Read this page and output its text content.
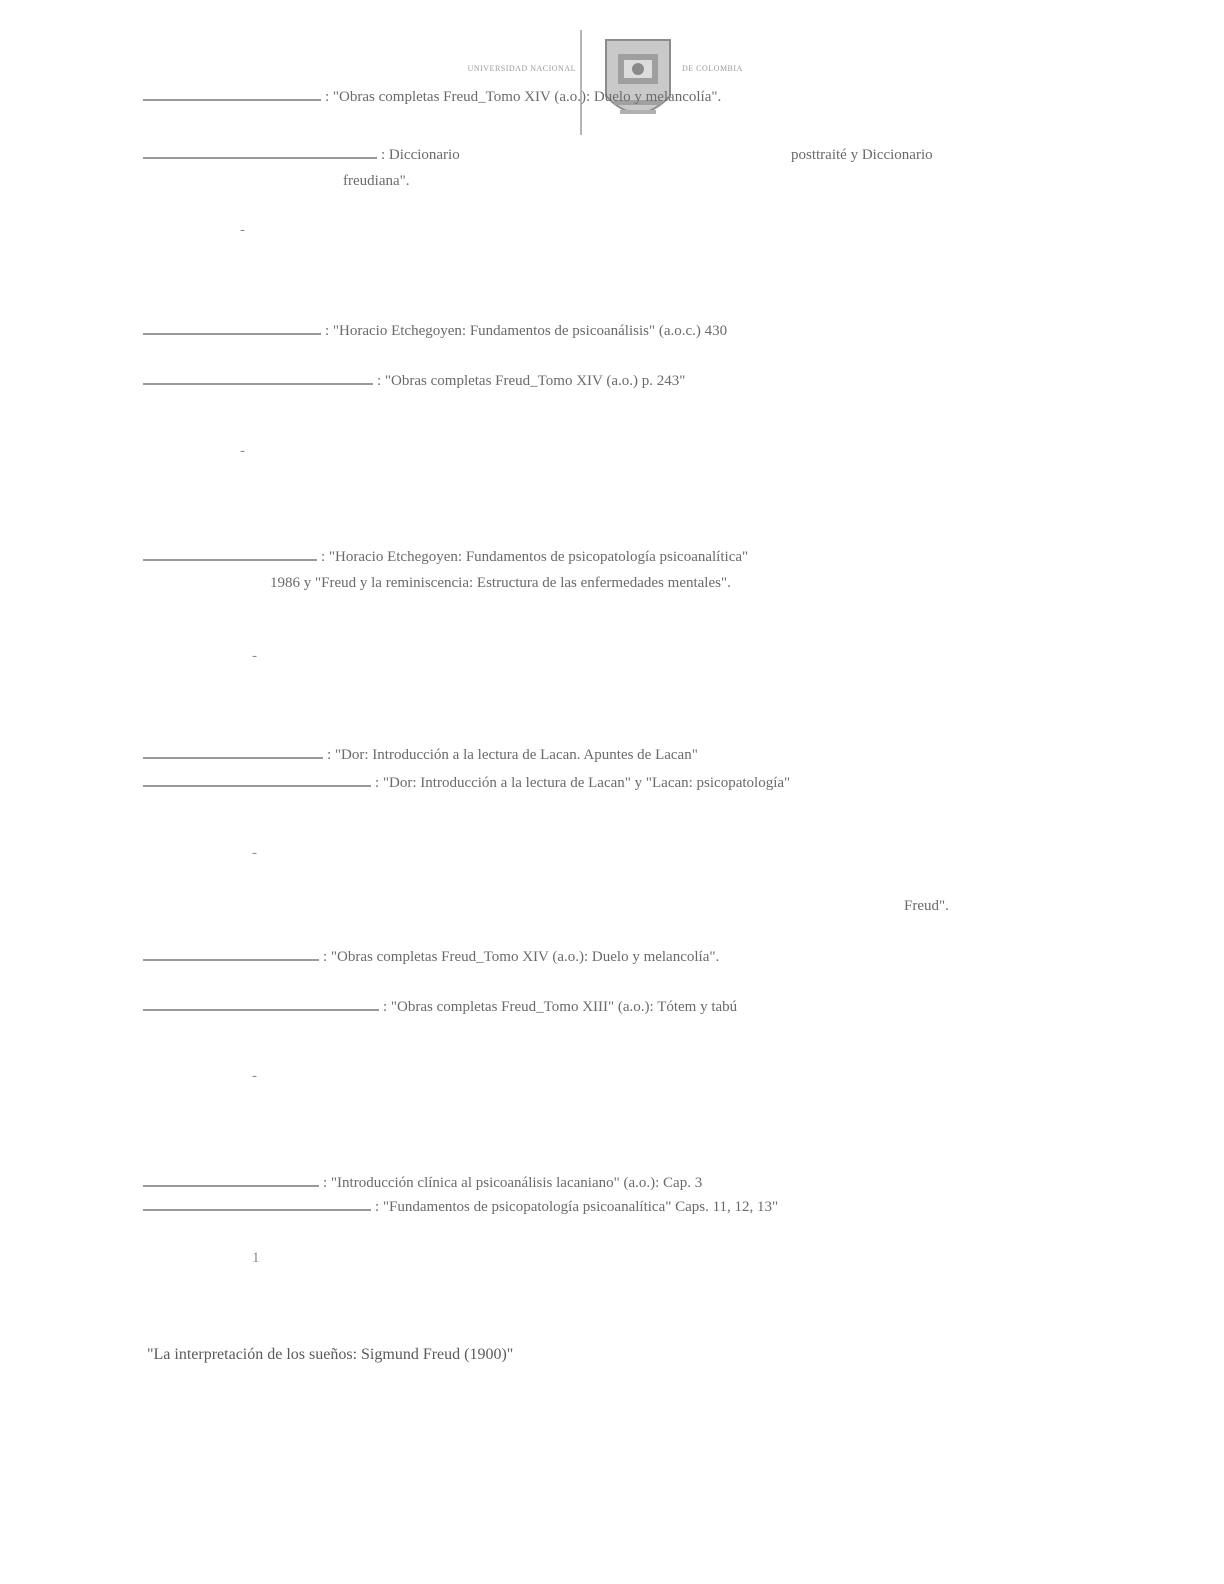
UNIVERSIDAD NACIONAL	DE COLOMBIA
: "Obras completas Freud_Tomo XIV (a.o.): Duelo y melancolía".
: Diccionario	posttraité y Diccionario
freudiana".
-
: "Horacio Etchegoyen: Fundamentos de psicoanálisis" (a.o.c.) 430
: "Obras completas Freud_Tomo XIV (a.o.) p. 243"
-
: "Horacio Etchegoyen: Fundamentos de psicopatología psicoanalítica"
1986 y "Freud y la reminiscencia: Estructura de las enfermedades mentales".
-
: "Dor: Introducción a la lectura de Lacan. Apuntes de Lacan"
: "Dor: Introducción a la lectura de Lacan" y "Lacan: psicopatología"
-
Freud".
: "Obras completas Freud_Tomo XIV (a.o.): Duelo y melancolía".
: "Obras completas Freud_Tomo XIII" (a.o.): Tótem y tabú
-
: "Introducción clínica al psicoanálisis lacaniano" (a.o.): Cap. 3
: "Fundamentos de psicopatología psicoanalítica" Caps. 11, 12, 13"
1
"La interpretación de los sueños: Sigmund Freud (1900)"
